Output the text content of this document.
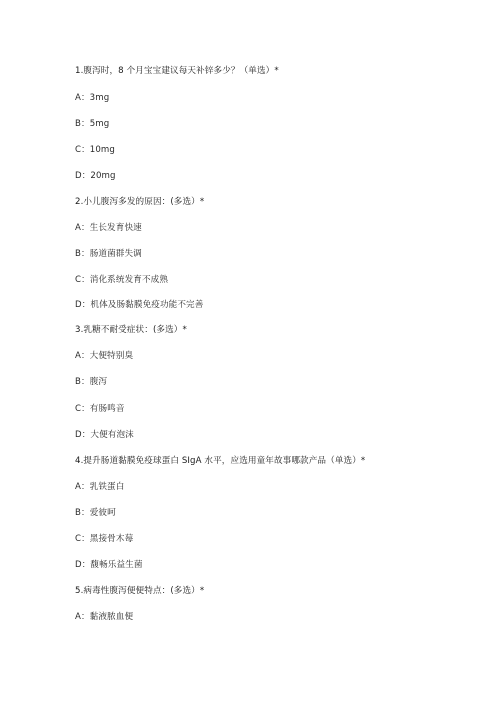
1.腹泻时，8 个月宝宝建议每天补锌多少？（单选）*
A：3mg
B：5mg
C：10mg
D：20mg
2.小儿腹泻多发的原因：(多选）*
A：生长发育快速
B：肠道菌群失调
C：消化系统发育不成熟
D：机体及肠黏膜免疫功能不完善
3.乳糖不耐受症状：(多选）*
A：大便特别臭
B：腹泻
C：有肠鸣音
D：大便有泡沫
4.提升肠道黏膜免疫球蛋白 SIgA 水平，应选用童年故事哪款产品（单选）*
A：乳铁蛋白
B：爱彼呵
C：黑接骨木莓
D：馥畅乐益生菌
5.病毒性腹泻便便特点：(多选）*
A：黏液脓血便
